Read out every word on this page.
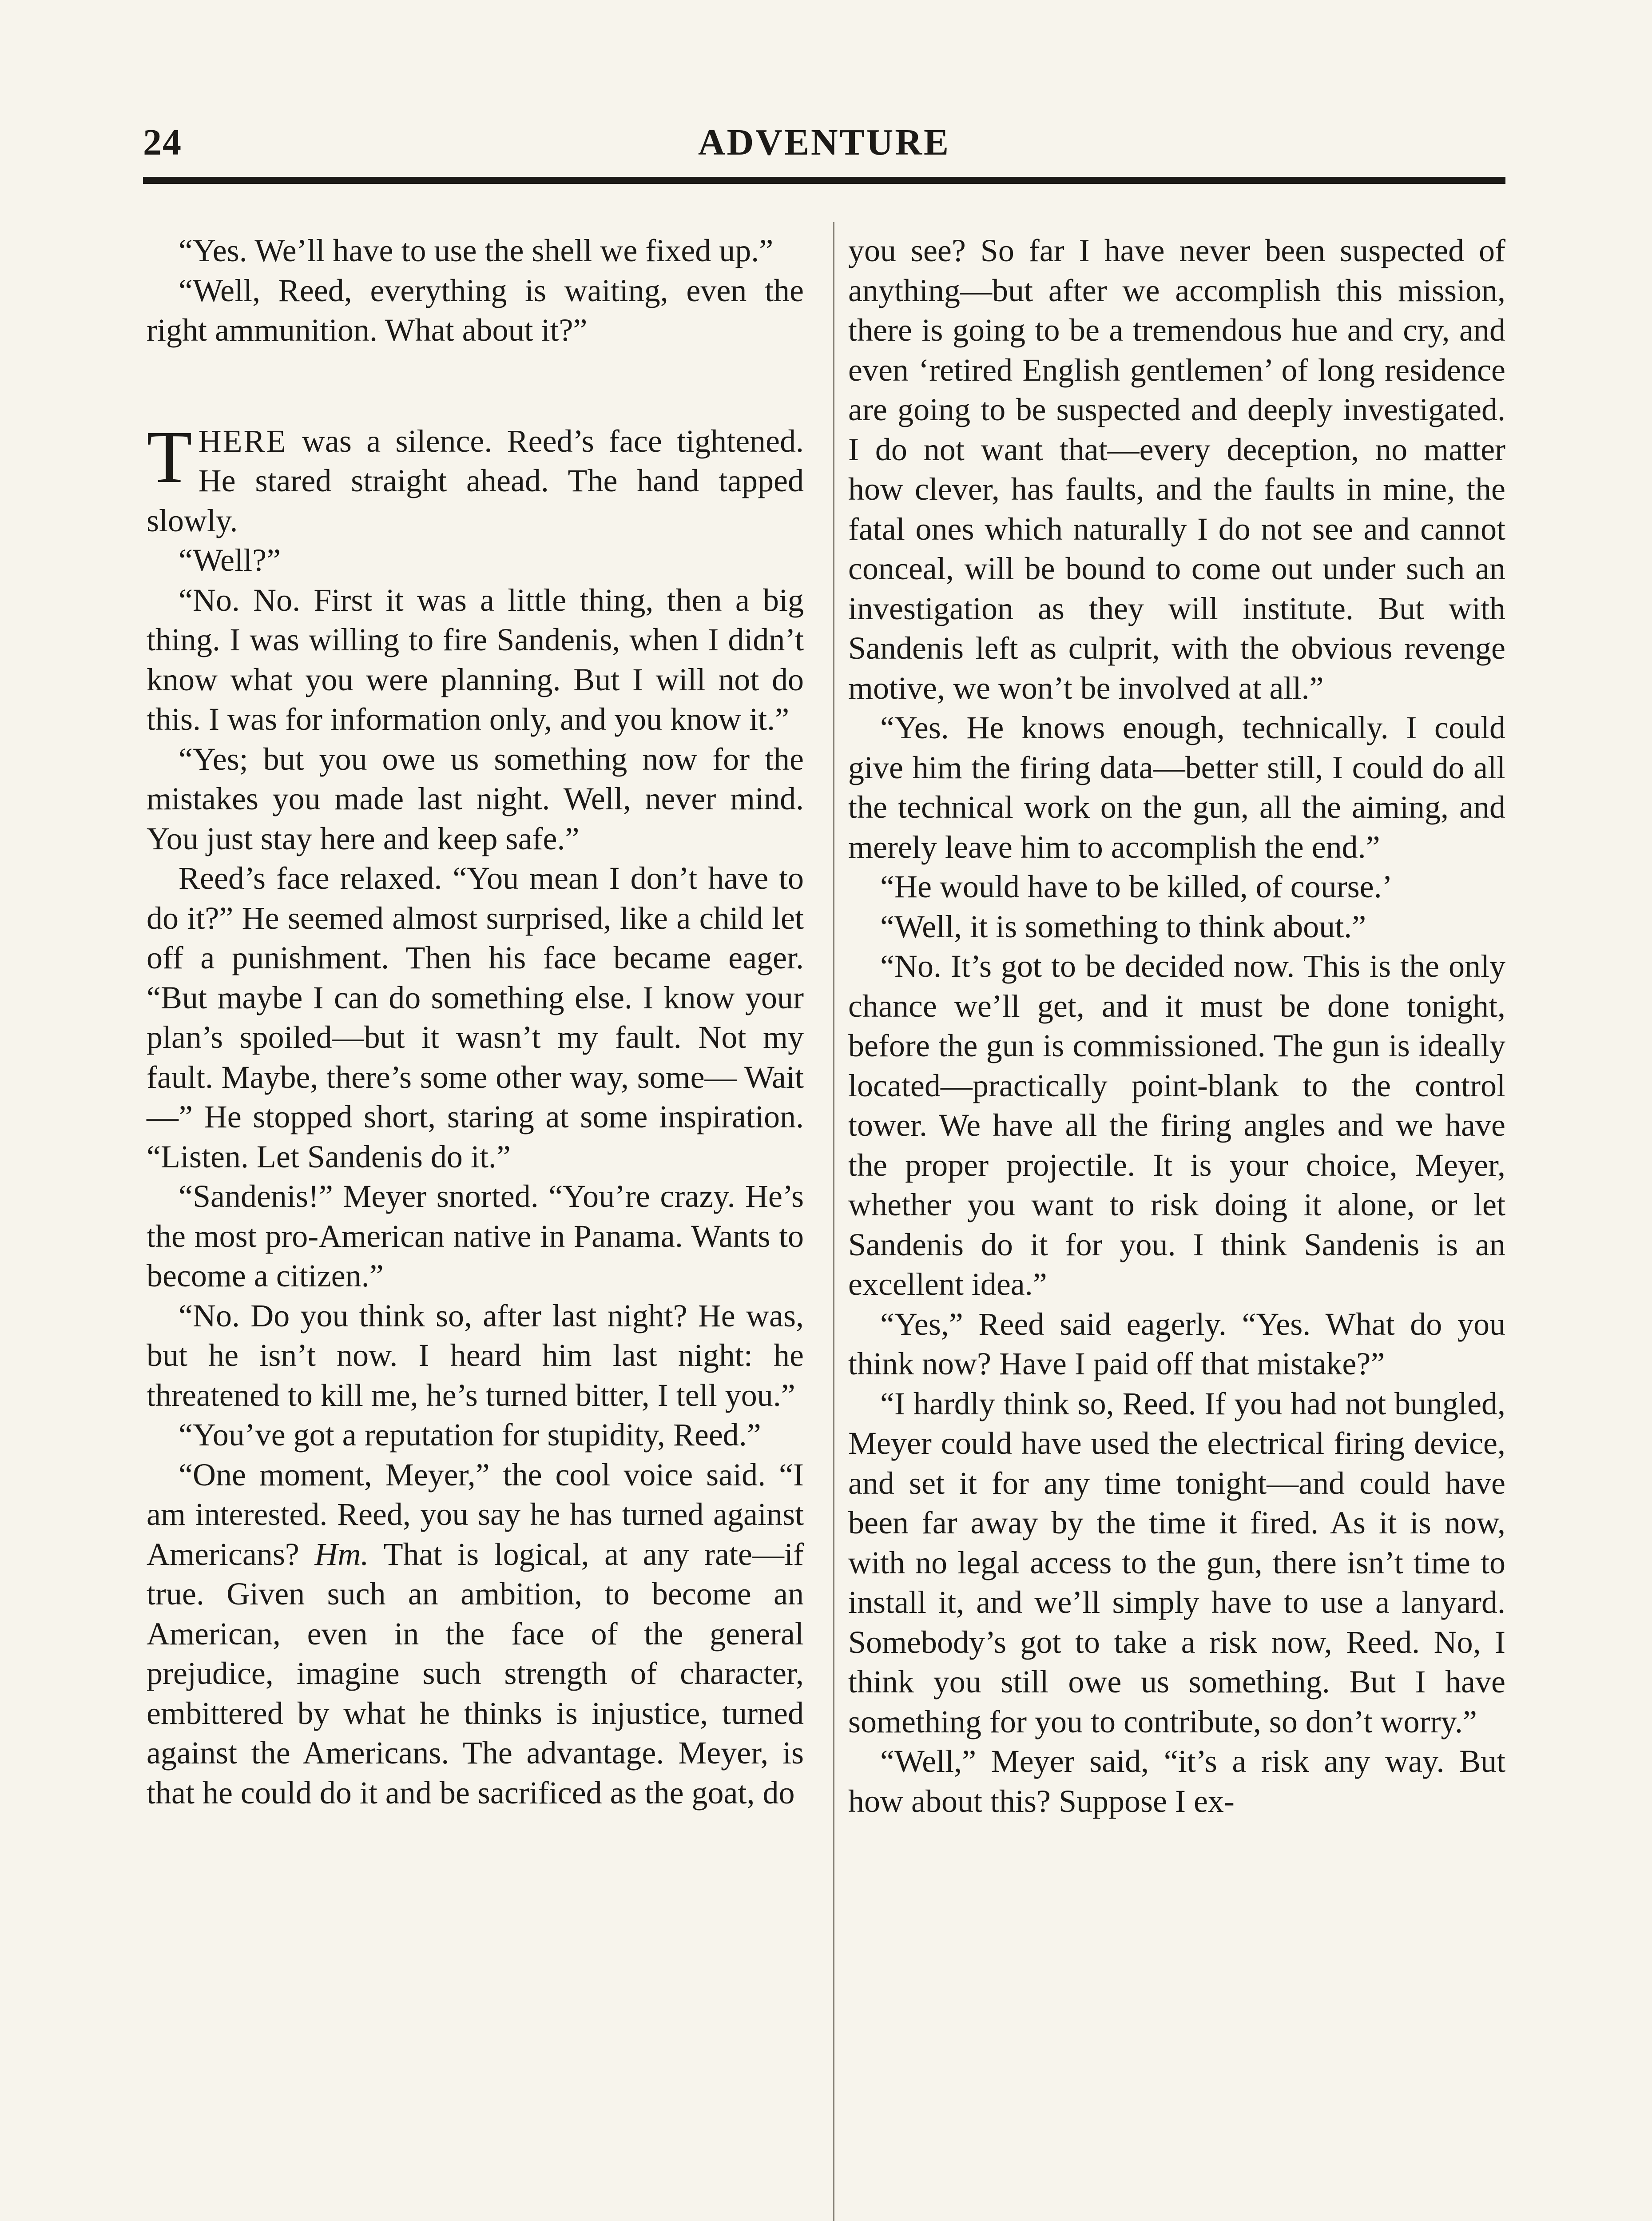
24	ADVENTURE

“Yes. We’ll have to use the shell we fixed up.”

“Well, Reed, everything is waiting, even the right ammunition. What about it?”

THERE was a silence. Reed’s face tightened. He stared straight ahead. The hand tapped slowly.

“Well?”

“No. No. First it was a little thing, then a big thing. I was willing to fire Sandenis, when I didn’t know what you were planning. But I will not do this. I was for information only, and you know it.”

“Yes; but you owe us something now for the mistakes you made last night. Well, never mind. You just stay here and keep safe.”

Reed’s face relaxed. “You mean I don’t have to do it?” He seemed almost surprised, like a child let off a punishment. Then his face became eager. “But maybe I can do something else. I know your plan’s spoiled—but it wasn’t my fault. Not my fault. Maybe, there’s some other way, some— Wait—” He stopped short, staring at some inspiration. “Listen. Let Sandenis do it.”

“Sandenis!” Meyer snorted. “You’re crazy. He’s the most pro-American native in Panama. Wants to become a citizen.”

“No. Do you think so, after last night? He was, but he isn’t now. I heard him last night: he threatened to kill me, he’s turned bitter, I tell you.”

“You’ve got a reputation for stupidity, Reed.”

“One moment, Meyer,” the cool voice said. “I am interested. Reed, you say he has turned against Americans? Hm. That is logical, at any rate—if true. Given such an ambition, to become an American, even in the face of the general prejudice, imagine such strength of character, embittered by what he thinks is injustice, turned against the Americans. The advantage. Meyer, is that he could do it and be sacrificed as the goat, do

you see? So far I have never been suspected of anything—but after we accomplish this mission, there is going to be a tremendous hue and cry, and even ‘retired English gentlemen’ of long residence are going to be suspected and deeply investigated. I do not want that—every deception, no matter how clever, has faults, and the faults in mine, the fatal ones which naturally I do not see and cannot conceal, will be bound to come out under such an investigation as they will institute. But with Sandenis left as culprit, with the obvious revenge motive, we won’t be involved at all.”

“Yes. He knows enough, technically. I could give him the firing data—better still, I could do all the technical work on the gun, all the aiming, and merely leave him to accomplish the end.”

“He would have to be killed, of course.’

“Well, it is something to think about.”

“No. It’s got to be decided now. This is the only chance we’ll get, and it must be done tonight, before the gun is commissioned. The gun is ideally located—practically point-blank to the control tower. We have all the firing angles and we have the proper projectile. It is your choice, Meyer, whether you want to risk doing it alone, or let Sandenis do it for you. I think Sandenis is an excellent idea.”

“Yes,” Reed said eagerly. “Yes. What do you think now? Have I paid off that mistake?”

“I hardly think so, Reed. If you had not bungled, Meyer could have used the electrical firing device, and set it for any time tonight—and could have been far away by the time it fired. As it is now, with no legal access to the gun, there isn’t time to install it, and we’ll simply have to use a lanyard. Somebody’s got to take a risk now, Reed. No, I think you still owe us something. But I have something for you to contribute, so don’t worry.”

“Well,” Meyer said, “it’s a risk any way. But how about this? Suppose I ex-
